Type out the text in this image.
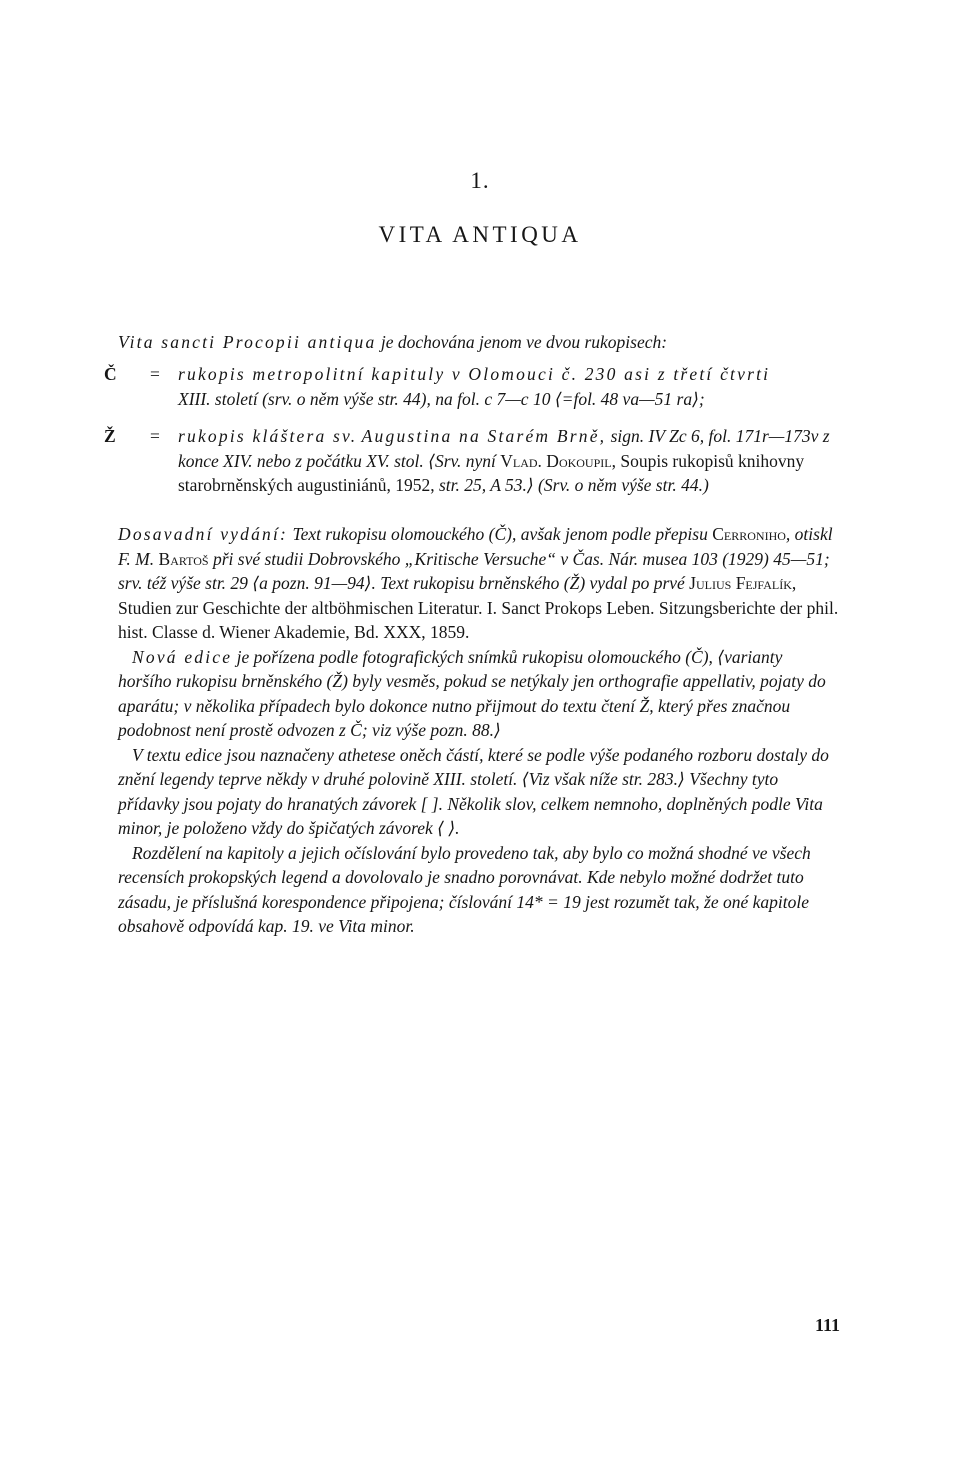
1.
VITA ANTIQUA

Vita sancti Procopii antiqua je dochována jenom ve dvou rukopisech:

Č	= rukopis metropolitní kapituly v Olomouci č. 230 asi z třetí čtvrti
XIII. století (srv. o něm výše str. 44), na fol. c 7—c 10 ⟨=fol. 48 va—51 ra⟩;
Ž	= rukopis kláštera sv. Augustina na Starém Brně, sign. IV Zc 6, fol. 171r—173v z konce XIV. nebo z počátku XV. stol. ⟨Srv. nyní Vlad. Dokoupil, Soupis rukopisů knihovny starobrněnských augustiniánů, 1952, str. 25, A 53.⟩ (Srv. o něm výše str. 44.)

Dosavadní vydání: Text rukopisu olomouckého (Č), avšak jenom podle přepisu Cerroniho, otiskl F. M. Bartoš při své studii Dobrovského „Kritische Versuche“ v Čas. Nár. musea 103 (1929) 45—51; srv. též výše str. 29 ⟨a pozn. 91—94⟩. Text rukopisu brněnského (Ž) vydal po prvé Julius Fejfalík, Studien zur Geschichte der altböhmischen Literatur. I. Sanct Prokops Leben. Sitzungsberichte der phil. hist. Classe d. Wiener Akademie, Bd. XXX, 1859.

Nová edice je pořízena podle fotografických snímků rukopisu olomouckého (Č), ⟨varianty horšího rukopisu brněnského (Ž) byly vesměs, pokud se netýkaly jen orthografie appellativ, pojaty do aparátu; v několika případech bylo dokonce nutno přijmout do textu čtení Ž, který přes značnou podobnost není prostě odvozen z Č; viz výše pozn. 88.⟩

V textu edice jsou naznačeny athetese oněch částí, které se podle výše podaného rozboru dostaly do znění legendy teprve někdy v druhé polovině XIII. století. ⟨Viz však níže str. 283.⟩ Všechny tyto přídavky jsou pojaty do hranatých závorek [ ]. Několik slov, celkem nemnoho, doplněných podle Vita minor, je položeno vždy do špičatých závorek ⟨ ⟩.

Rozdělení na kapitoly a jejich očíslování bylo provedeno tak, aby bylo co možná shodné ve všech recensích prokopských legend a dovolovalo je snadno porovnávat. Kde nebylo možné dodržet tuto zásadu, je příslušná korespondence připojena; číslování 14* = 19 jest rozumět tak, že oné kapitole obsahově odpovídá kap. 19. ve Vita minor.

111
